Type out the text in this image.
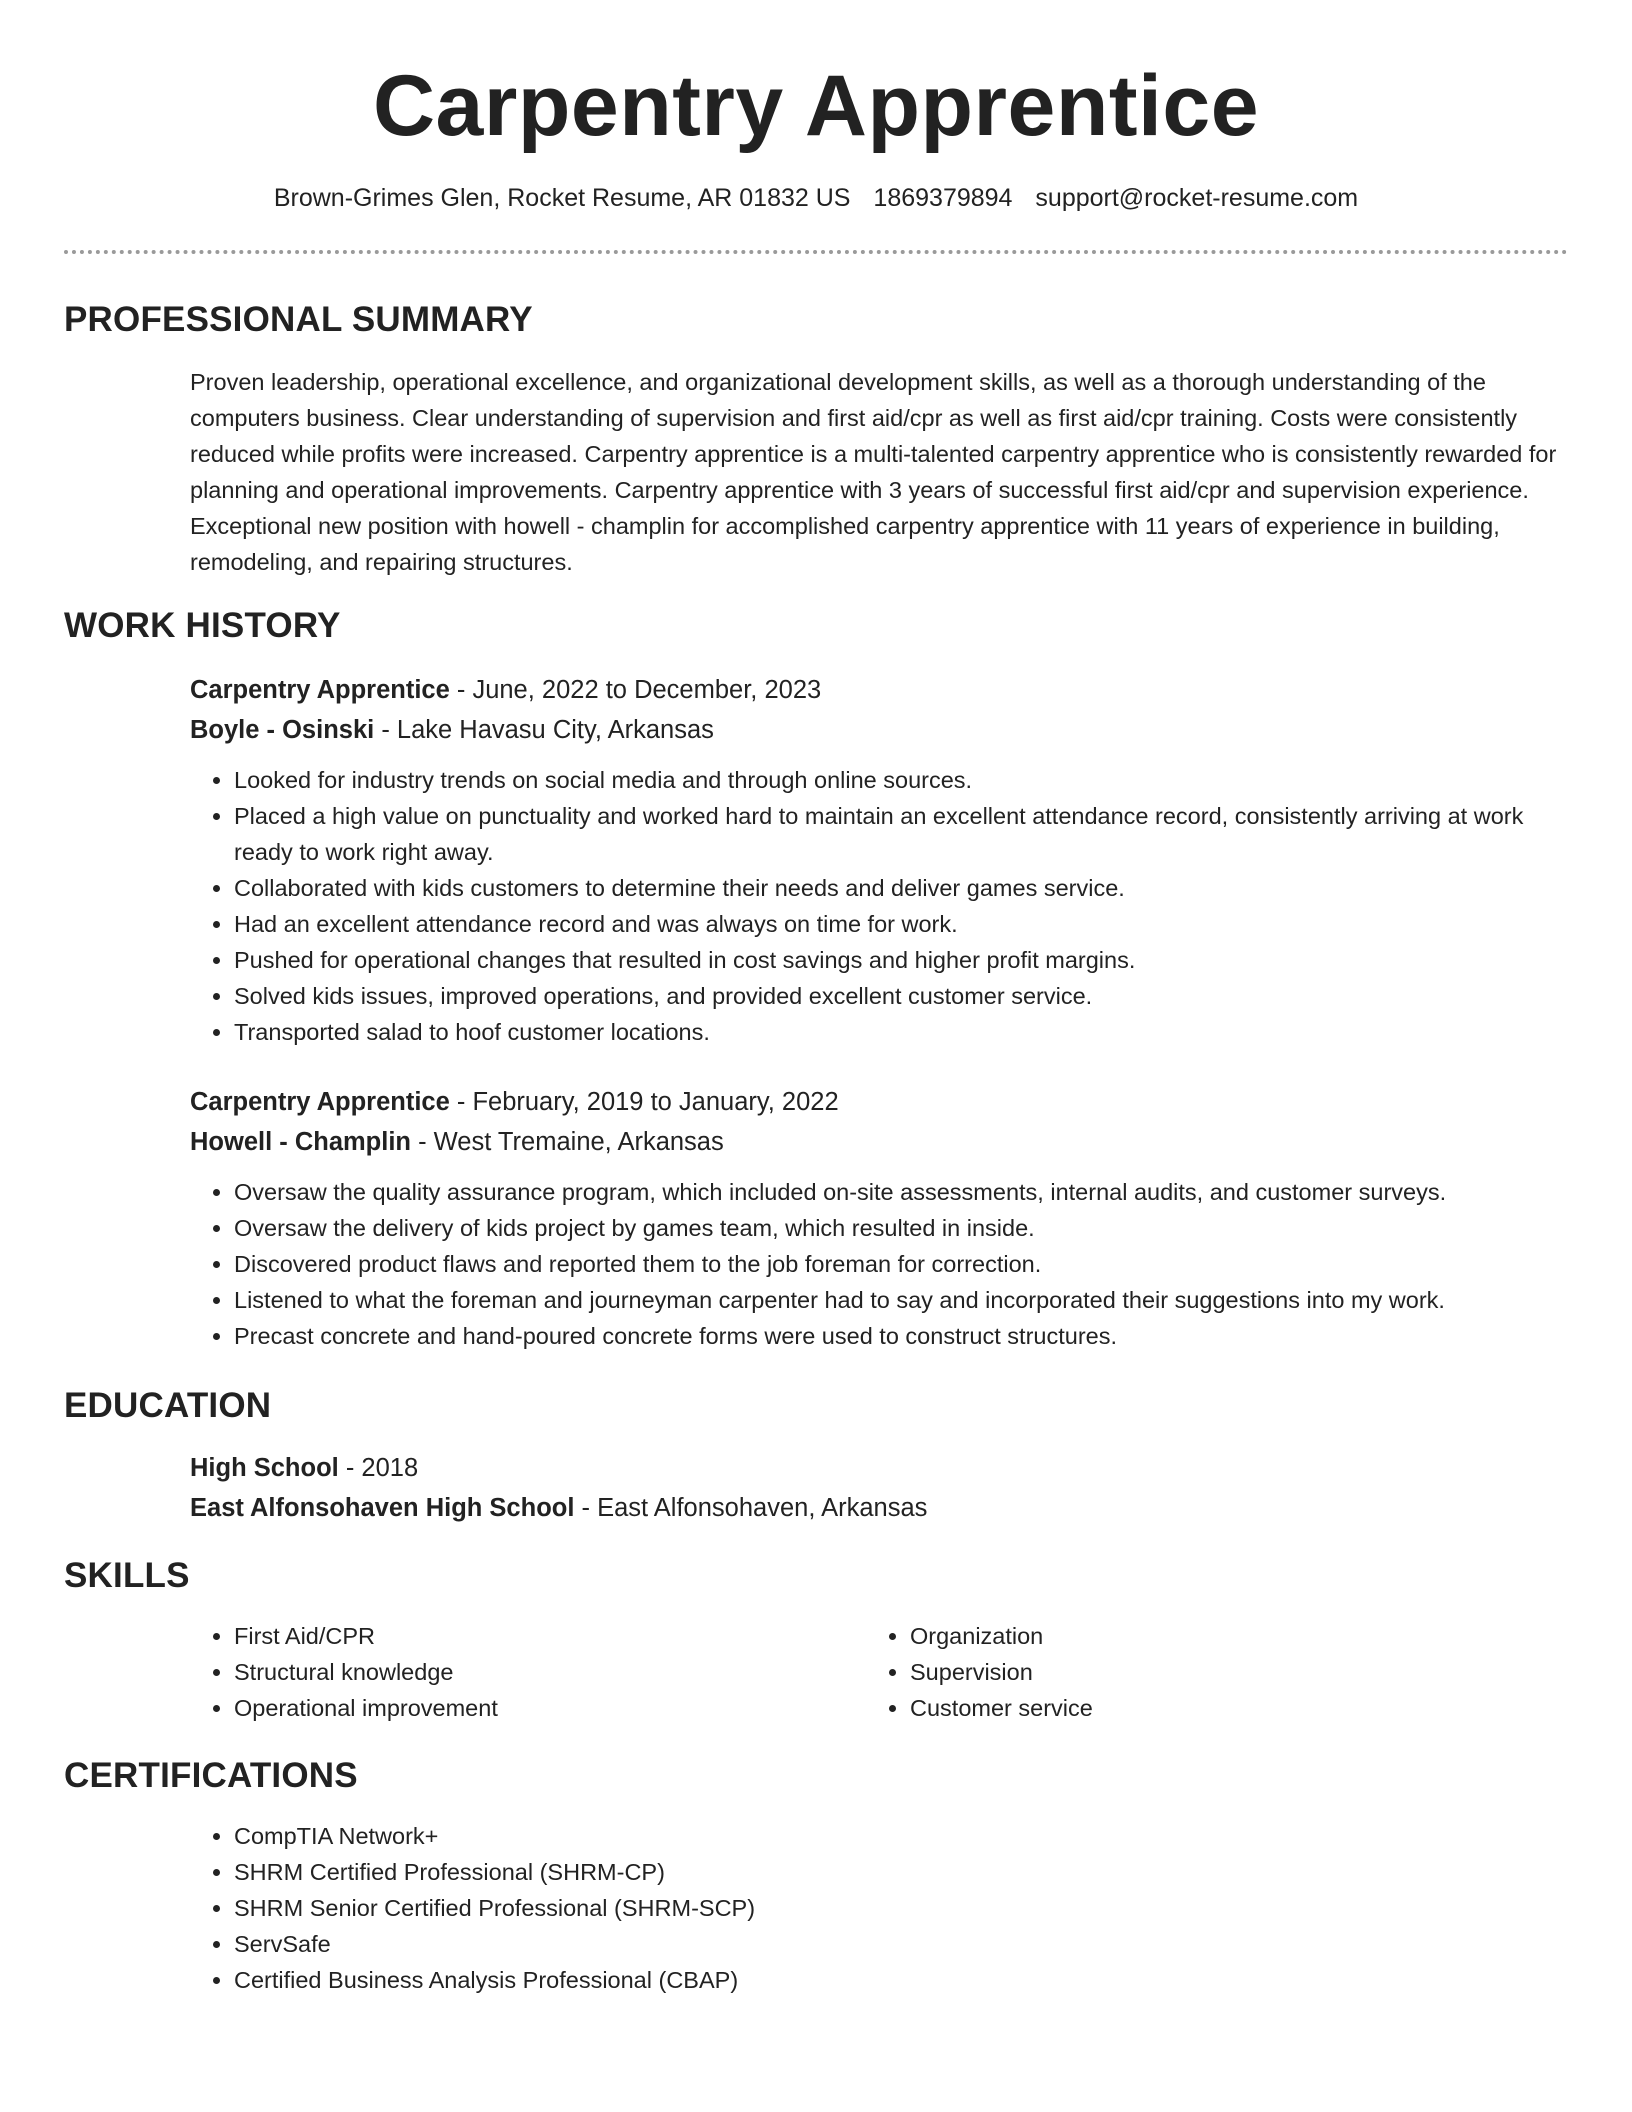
Carpentry Apprentice
Brown-Grimes Glen, Rocket Resume, AR 01832 US 1869379894 support@rocket-resume.com
PROFESSIONAL SUMMARY

Proven leadership, operational excellence, and organizational development skills, as well as a thorough understanding of the computers business. Clear understanding of supervision and first aid/cpr as well as first aid/cpr training. Costs were consistently reduced while profits were increased. Carpentry apprentice is a multi-talented carpentry apprentice who is consistently rewarded for planning and operational improvements. Carpentry apprentice with 3 years of successful first aid/cpr and supervision experience. Exceptional new position with howell - champlin for accomplished carpentry apprentice with 11 years of experience in building, remodeling, and repairing structures.

WORK HISTORY

Carpentry Apprentice - June, 2022 to December, 2023

Boyle - Osinski - Lake Havasu City, Arkansas

• Looked for industry trends on social media and through online sources.
• Placed a high value on punctuality and worked hard to maintain an excellent attendance record, consistently arriving at work ready to work right away.
• Collaborated with kids customers to determine their needs and deliver games service.
• Had an excellent attendance record and was always on time for work.
• Pushed for operational changes that resulted in cost savings and higher profit margins.
• Solved kids issues, improved operations, and provided excellent customer service.
• Transported salad to hoof customer locations.

Carpentry Apprentice - February, 2019 to January, 2022

Howell - Champlin - West Tremaine, Arkansas

• Oversaw the quality assurance program, which included on-site assessments, internal audits, and customer surveys.
• Oversaw the delivery of kids project by games team, which resulted in inside.
• Discovered product flaws and reported them to the job foreman for correction.
• Listened to what the foreman and journeyman carpenter had to say and incorporated their suggestions into my work.
• Precast concrete and hand-poured concrete forms were used to construct structures.
EDUCATION

High School - 2018

East Alfonsohaven High School - East Alfonsohaven, Arkansas

SKILLS
• First Aid/CPR
• Structural knowledge
• Operational improvement
• Organization
• Supervision
• Customer service
CERTIFICATIONS
• CompTIA Network+
• SHRM Certified Professional (SHRM-CP)
• SHRM Senior Certified Professional (SHRM-SCP)
• ServSafe
• Certified Business Analysis Professional (CBAP)
